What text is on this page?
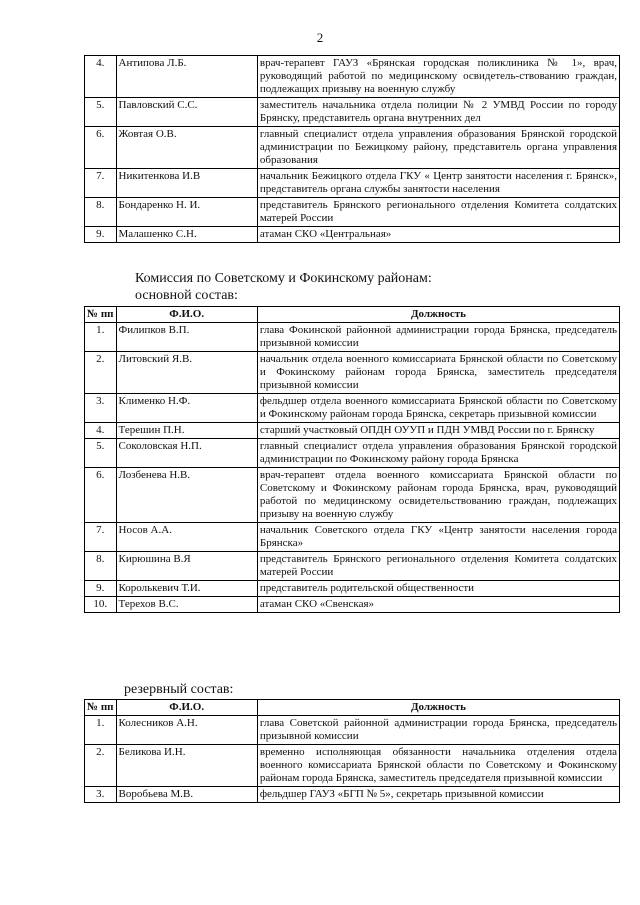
2
4.	Антипова Л.Б.	врач-терапевт ГАУЗ «Брянская городская поликлиника № 1», врач, руководящий работой по медицинскому освидетель-ствованию граждан, подлежащих призыву на военную службу
5.	Павловский С.С.	заместитель начальника отдела полиции № 2 УМВД России по городу Брянску, представитель органа внутренних дел
6.	Жовтая О.В.	главный специалист отдела управления образования Брянской городской администрации по Бежицкому району, представитель органа управления образования
7.	Никитенкова И.В	начальник Бежицкого отдела ГКУ « Центр занятости населения г. Брянск», представитель органа службы занятости населения
8.	Бондаренко Н. И.	представитель Брянского регионального отделения Комитета солдатских матерей России
9.	Малашенко С.Н.	атаман СКО «Центральная»
Комиссия по Советскому и Фокинскому районам:
основной состав:
№ пп	Ф.И.О.	Должность
1.	Филипков В.П.	глава Фокинской районной администрации города Брянска, председатель призывной комиссии
2.	Литовский Я.В.	начальник отдела военного комиссариата Брянской области по Советскому и Фокинскому районам города Брянска, заместитель председателя призывной комиссии
3.	Клименко Н.Ф.	фельдшер отдела военного комиссариата Брянской области по Советскому и Фокинскому районам города Брянска, секретарь призывной комиссии
4.	Терешин П.Н.	старший участковый ОПДН ОУУП и ПДН УМВД России по г. Брянску
5.	Соколовская Н.П.	главный специалист отдела управления образования Брянской городской администрации по Фокинскому району города Брянска
6.	Лозбенева Н.В.	врач-терапевт отдела военного комиссариата Брянской области по Советскому и Фокинскому районам города Брянска, врач, руководящий работой по медицинскому освидетельствованию граждан, подлежащих призыву на военную службу
7.	Носов А.А.	начальник Советского отдела ГКУ «Центр занятости населения города Брянска»
8.	Кирюшина В.Я	представитель Брянского регионального отделения Комитета солдатских матерей России
9.	Королькевич Т.И.	представитель родительской общественности
10.	Терехов В.С.	атаман СКО «Свенская»
резервный состав:
№ пп	Ф.И.О.	Должность
1.	Колесников А.Н.	глава Советской районной администрации города Брянска, председатель призывной комиссии
2.	Беликова И.Н.	временно исполняющая обязанности начальника отделения отдела военного комиссариата Брянской области по Советскому и Фокинскому районам города Брянска, заместитель председателя призывной комиссии
3.	Воробьева М.В.	фельдшер ГАУЗ «БГП № 5», секретарь призывной комиссии
